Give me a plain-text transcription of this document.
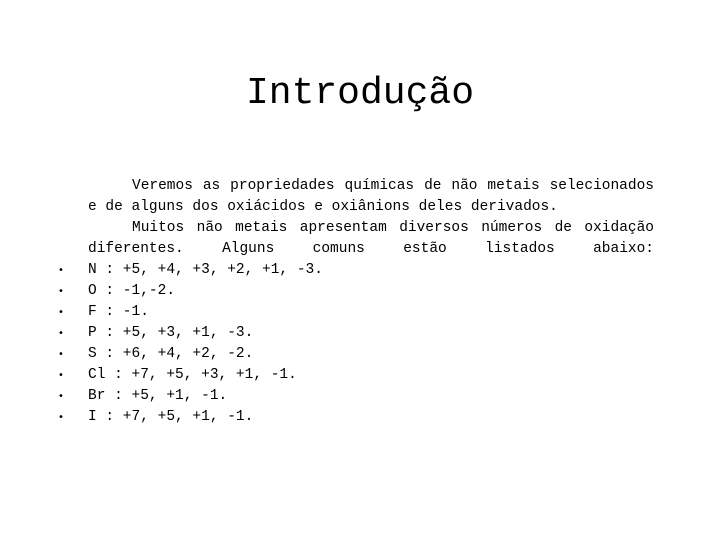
Introdução

Veremos as propriedades químicas de não metais selecionados e de alguns dos oxiácidos e oxiânions deles derivados.

Muitos não metais apresentam diversos números de oxidação diferentes. Alguns comuns estão listados abaixo:

• N : +5, +4, +3, +2, +1, -3.
• O : -1,-2.
• F : -1.
• P : +5, +3, +1, -3.
• S : +6, +4, +2, -2.
• Cl : +7, +5, +3, +1, -1.
• Br : +5, +1, -1.
• I : +7, +5, +1, -1.
